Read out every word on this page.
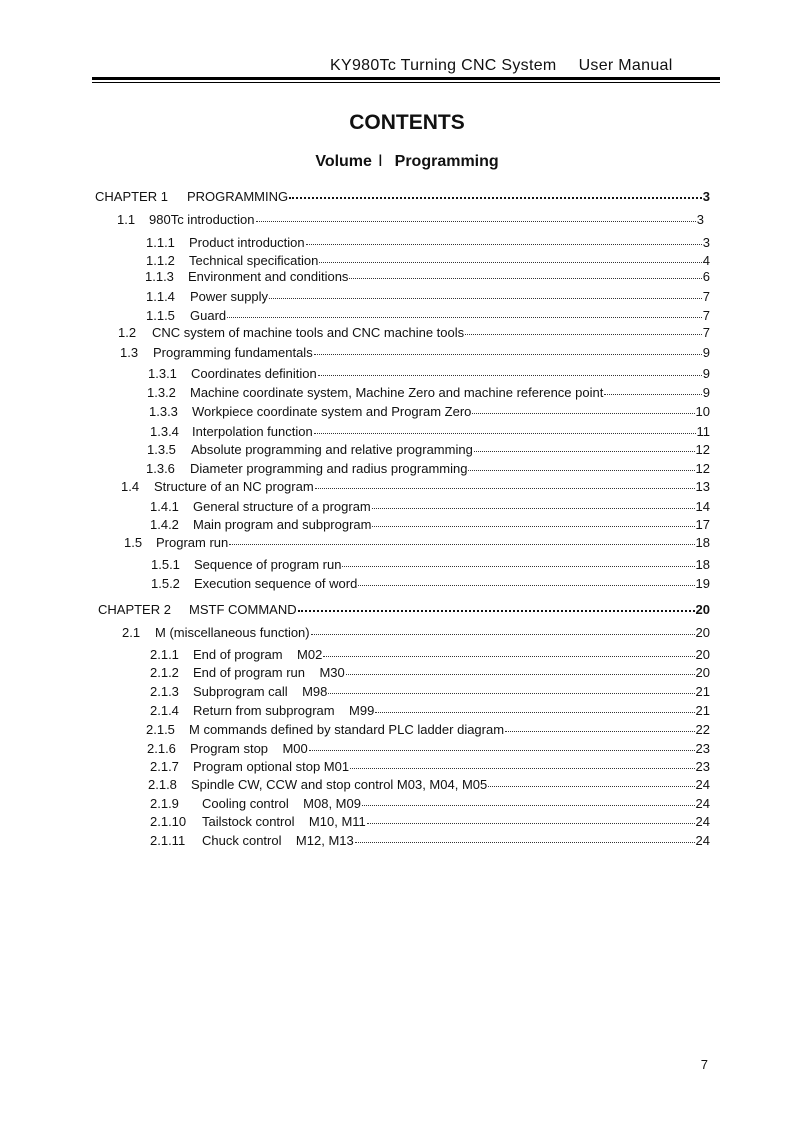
KY980Tc Turning CNC System User Manual
CONTENTS
Volume Ⅰ Programming
CHAPTER 1	PROGRAMMING	3
1.1	980Tc introduction	3
1.1.1	Product introduction	3
1.1.2	Technical specification	4
1.1.3	Environment and conditions	6
1.1.4	Power supply	7
1.1.5	Guard	7
1.2	CNC system of machine tools and CNC machine tools	7
1.3	Programming fundamentals	9
1.3.1	Coordinates definition	9
1.3.2	Machine coordinate system, Machine Zero and machine reference point	9
1.3.3	Workpiece coordinate system and Program Zero	10
1.3.4	Interpolation function	11
1.3.5	Absolute programming and relative programming	12
1.3.6	Diameter programming and radius programming	12
1.4	Structure of an NC program	13
1.4.1	General structure of a program	14
1.4.2	Main program and subprogram	17
1.5	Program run	18
1.5.1	Sequence of program run	18
1.5.2	Execution sequence of word	19
CHAPTER 2	MSTF COMMAND	20
2.1	M (miscellaneous function)	20
2.1.1	End of program    M02	20
2.1.2	End of program run    M30	20
2.1.3	Subprogram call    M98	21
2.1.4	Return from subprogram    M99	21
2.1.5	M commands defined by standard PLC ladder diagram	22
2.1.6	Program stop    M00	23
2.1.7	Program optional stop M01	23
2.1.8	Spindle CW, CCW and stop control M03, M04, M05	24
2.1.9	Cooling control    M08, M09	24
2.1.10	Tailstock control    M10, M11	24
2.1.11	Chuck control    M12, M13	24
7
